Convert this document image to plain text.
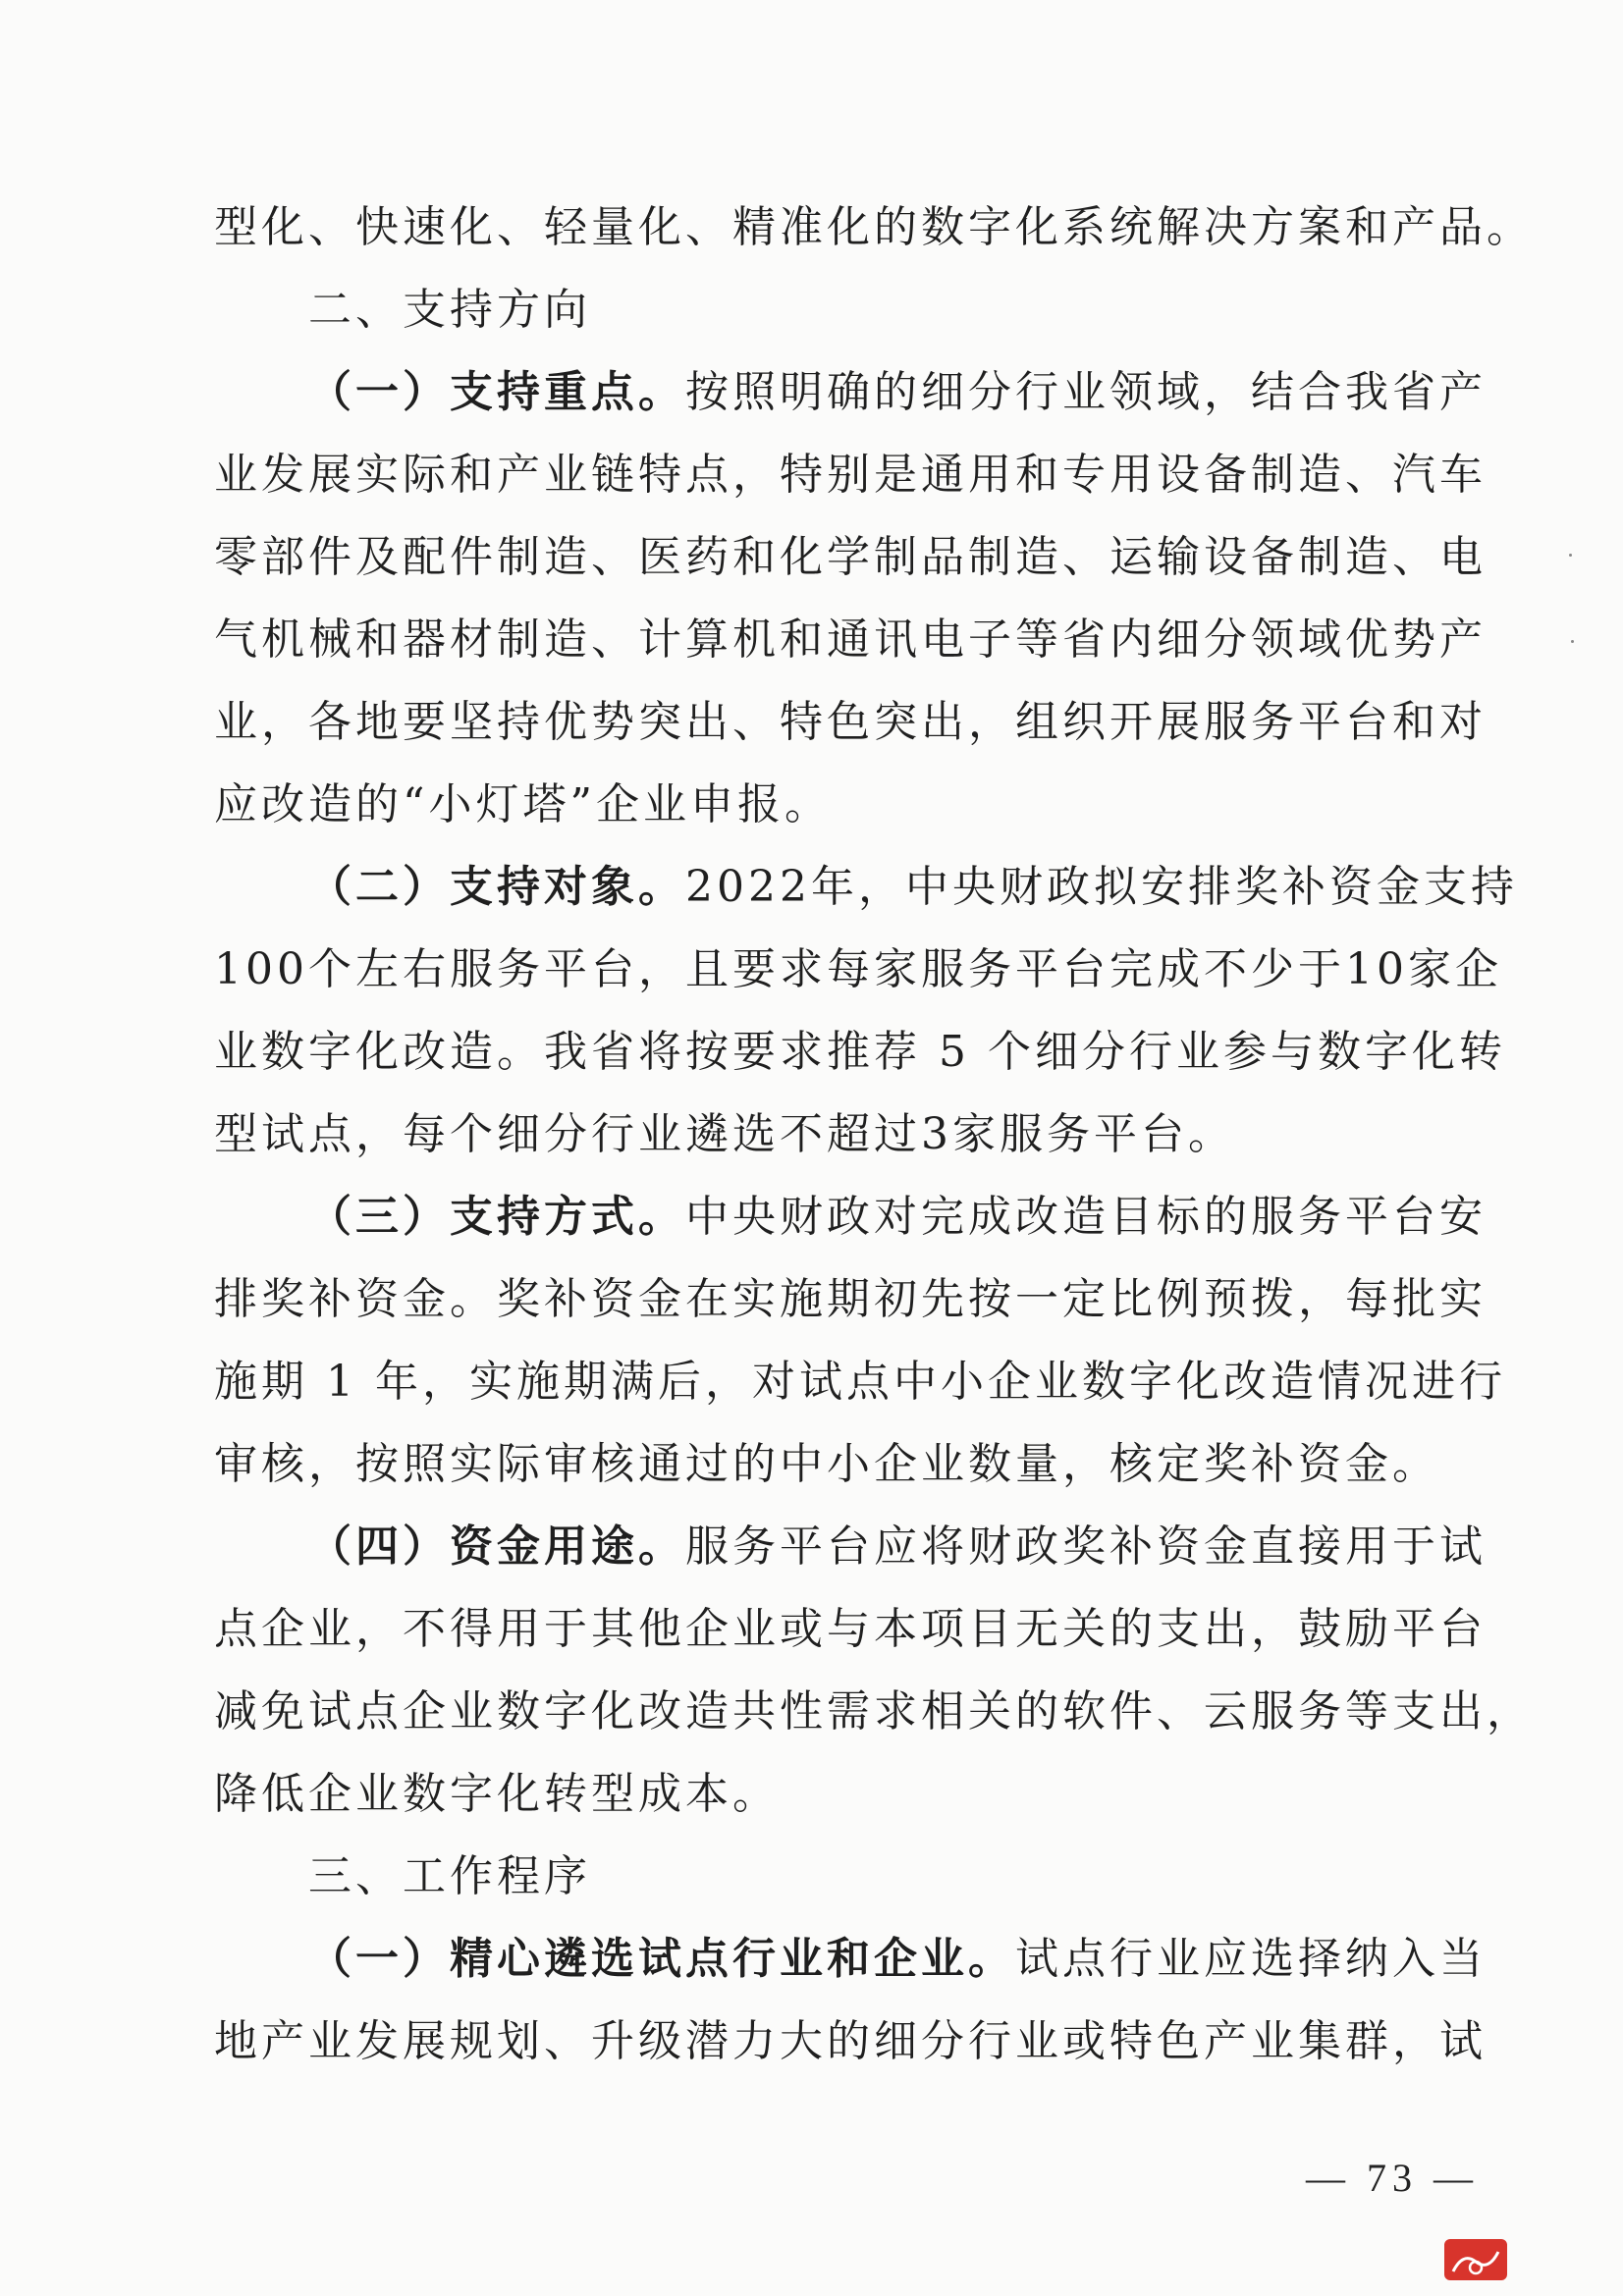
型化、快速化、轻量化、精准化的数字化系统解决方案和产品。
二、支持方向
（一）支持重点。按照明确的细分行业领域，结合我省产
业发展实际和产业链特点，特别是通用和专用设备制造、汽车
零部件及配件制造、医药和化学制品制造、运输设备制造、电
气机械和器材制造、计算机和通讯电子等省内细分领域优势产
业，各地要坚持优势突出、特色突出，组织开展服务平台和对
应改造的“小灯塔”企业申报。
（二）支持对象。2022年，中央财政拟安排奖补资金支持
100个左右服务平台，且要求每家服务平台完成不少于10家企
业数字化改造。我省将按要求推荐 5 个细分行业参与数字化转
型试点，每个细分行业遴选不超过3家服务平台。
（三）支持方式。中央财政对完成改造目标的服务平台安
排奖补资金。奖补资金在实施期初先按一定比例预拨，每批实
施期 1 年，实施期满后，对试点中小企业数字化改造情况进行
审核，按照实际审核通过的中小企业数量，核定奖补资金。
（四）资金用途。服务平台应将财政奖补资金直接用于试
点企业，不得用于其他企业或与本项目无关的支出，鼓励平台
减免试点企业数字化改造共性需求相关的软件、云服务等支出，
降低企业数字化转型成本。
三、工作程序
（一）精心遴选试点行业和企业。试点行业应选择纳入当
地产业发展规划、升级潜力大的细分行业或特色产业集群，试
— 73 —
